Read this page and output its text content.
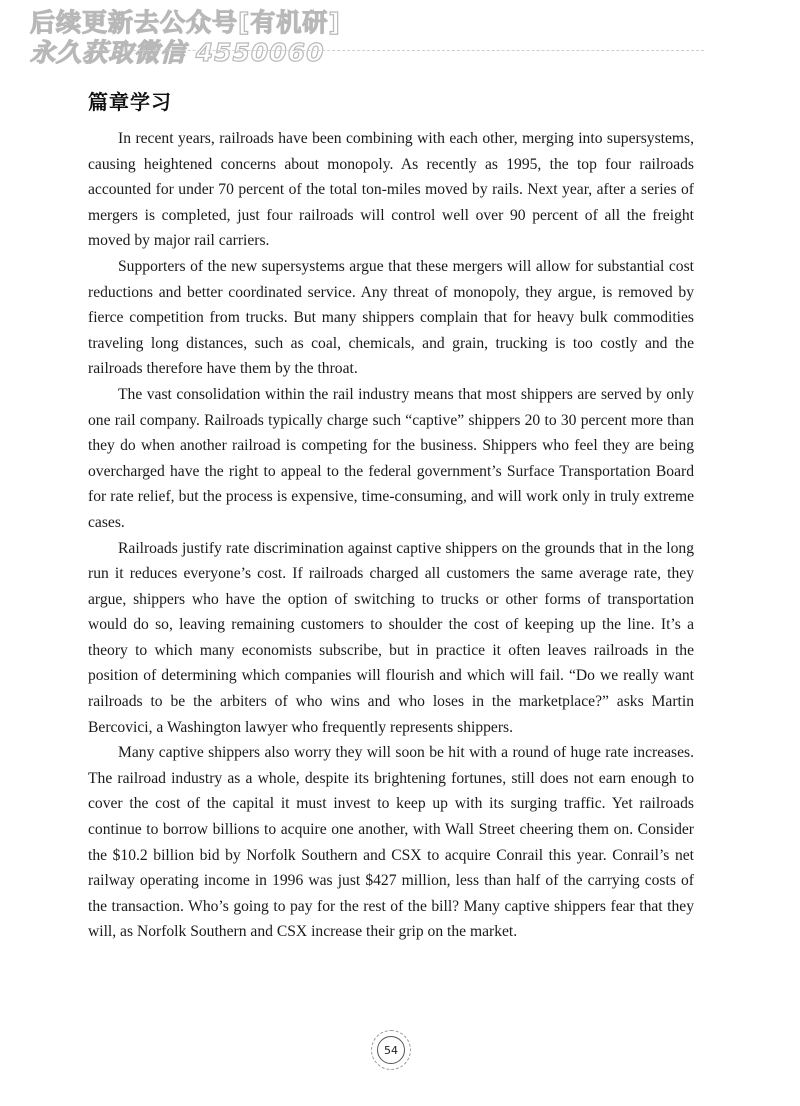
后续更新去公众号[有机研]
永久获取微信 4550060
篇章学习

In recent years, railroads have been combining with each other, merging into supersystems, causing heightened concerns about monopoly. As recently as 1995, the top four railroads accounted for under 70 percent of the total ton-miles moved by rails. Next year, after a series of mergers is completed, just four railroads will control well over 90 percent of all the freight moved by major rail carriers.

Supporters of the new supersystems argue that these mergers will allow for substantial cost reductions and better coordinated service. Any threat of monopoly, they argue, is removed by fierce competition from trucks. But many shippers complain that for heavy bulk commodities traveling long distances, such as coal, chemicals, and grain, trucking is too costly and the railroads therefore have them by the throat.

The vast consolidation within the rail industry means that most shippers are served by only one rail company. Railroads typically charge such “captive” shippers 20 to 30 percent more than they do when another railroad is competing for the business. Shippers who feel they are being overcharged have the right to appeal to the federal government’s Surface Transportation Board for rate relief, but the process is expensive, time-consuming, and will work only in truly extreme cases.

Railroads justify rate discrimination against captive shippers on the grounds that in the long run it reduces everyone’s cost. If railroads charged all customers the same average rate, they argue, shippers who have the option of switching to trucks or other forms of transportation would do so, leaving remaining customers to shoulder the cost of keeping up the line. It’s a theory to which many economists subscribe, but in practice it often leaves railroads in the position of determining which companies will flourish and which will fail. “Do we really want railroads to be the arbiters of who wins and who loses in the marketplace?” asks Martin Bercovici, a Washington lawyer who frequently represents shippers.

Many captive shippers also worry they will soon be hit with a round of huge rate increases. The railroad industry as a whole, despite its brightening fortunes, still does not earn enough to cover the cost of the capital it must invest to keep up with its surging traffic. Yet railroads continue to borrow billions to acquire one another, with Wall Street cheering them on. Consider the $10.2 billion bid by Norfolk Southern and CSX to acquire Conrail this year. Conrail’s net railway operating income in 1996 was just $427 million, less than half of the carrying costs of the transaction. Who’s going to pay for the rest of the bill? Many captive shippers fear that they will, as Norfolk Southern and CSX increase their grip on the market.

54
